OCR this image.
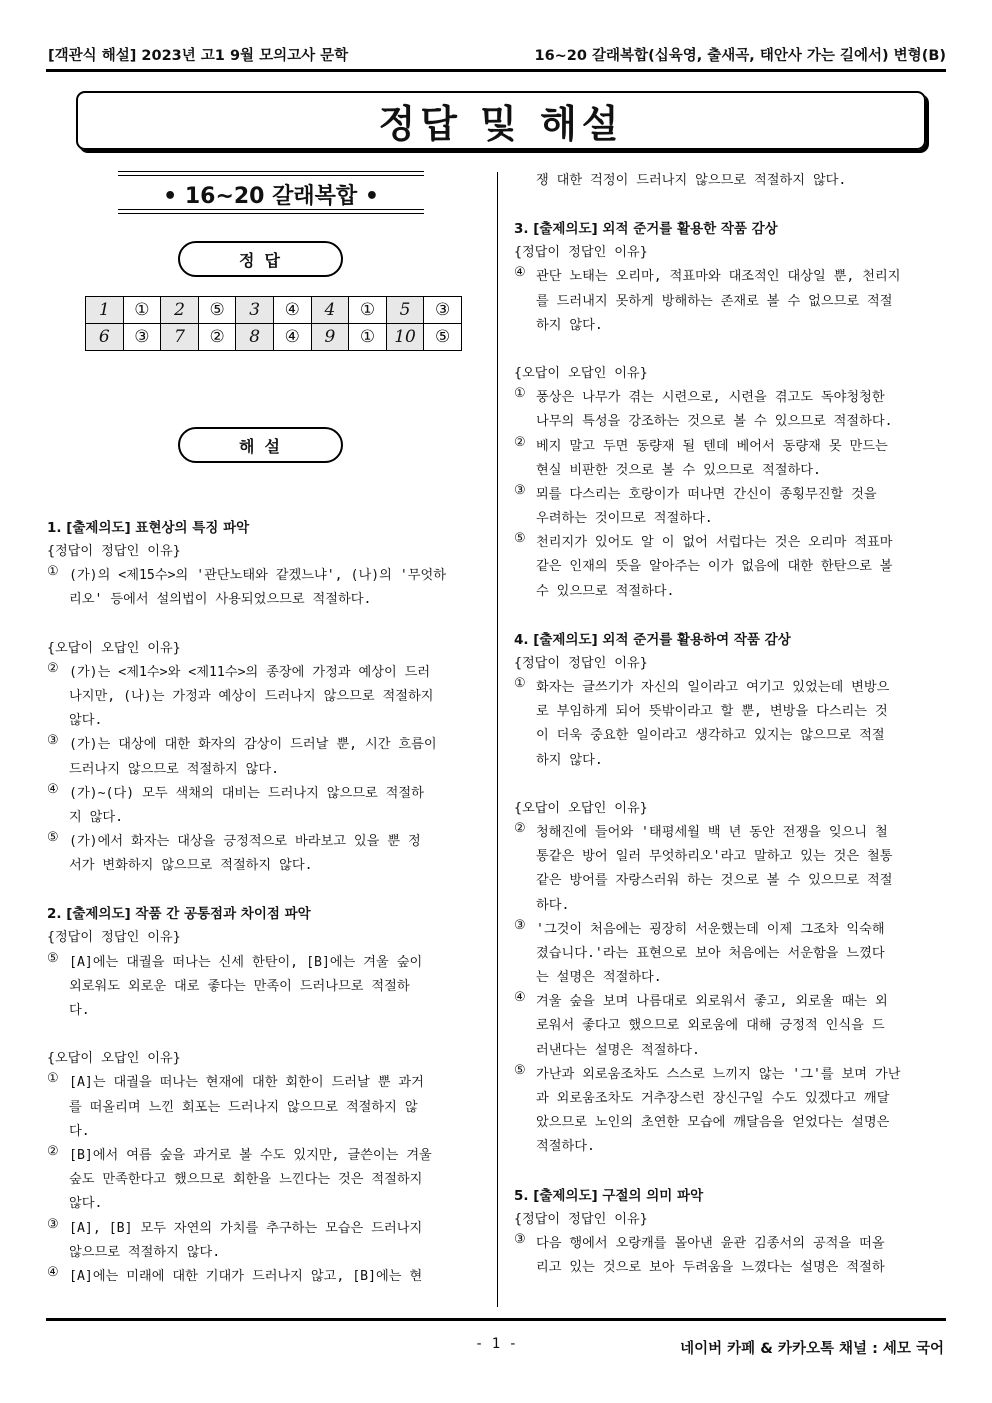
[객관식 해설] 2023년 고1 9월 모의고사 문학	16~20 갈래복합(십육영, 출새곡, 태안사 가는 길에서) 변형(B)
정답 및 해설
• 16~20 갈래복합 •
정답
1	①	2	⑤	3	④	4	①	5	③
6	③	7	②	8	④	9	①	10	⑤
해설
1. [출제의도] 표현상의 특징 파악
{정답이 정답인 이유}
① (가)의 <제15수>의 '관단노태와 같겠느냐', (나)의 '무엇하
리오' 등에서 설의법이 사용되었으므로 적절하다.
{오답이 오답인 이유}
② (가)는 <제1수>와 <제11수>의 종장에 가정과 예상이 드러
나지만, (나)는 가정과 예상이 드러나지 않으므로 적절하지
않다.
③ (가)는 대상에 대한 화자의 감상이 드러날 뿐, 시간 흐름이
드러나지 않으므로 적절하지 않다.
④ (가)~(다) 모두 색채의 대비는 드러나지 않으므로 적절하
지 않다.
⑤ (가)에서 화자는 대상을 긍정적으로 바라보고 있을 뿐 정
서가 변화하지 않으므로 적절하지 않다.
2. [출제의도] 작품 간 공통점과 차이점 파악
{정답이 정답인 이유}
⑤ [A]에는 대궐을 떠나는 신세 한탄이, [B]에는 겨울 숲이
외로워도 외로운 대로 좋다는 만족이 드러나므로 적절하
다.
{오답이 오답인 이유}
① [A]는 대궐을 떠나는 현재에 대한 회한이 드러날 뿐 과거
를 떠올리며 느낀 회포는 드러나지 않으므로 적절하지 않
다.
② [B]에서 여름 숲을 과거로 볼 수도 있지만, 글쓴이는 겨울
숲도 만족한다고 했으므로 회한을 느낀다는 것은 적절하지
않다.
③ [A], [B] 모두 자연의 가치를 추구하는 모습은 드러나지
않으므로 적절하지 않다.
④ [A]에는 미래에 대한 기대가 드러나지 않고, [B]에는 현
쟁 대한 걱정이 드러나지 않으므로 적절하지 않다.
3. [출제의도] 외적 준거를 활용한 작품 감상
{정답이 정답인 이유}
④ 관단 노태는 오리마, 적표마와 대조적인 대상일 뿐, 천리지
를 드러내지 못하게 방해하는 존재로 볼 수 없으므로 적절
하지 않다.
{오답이 오답인 이유}
① 풍상은 나무가 겪는 시련으로, 시련을 겪고도 독야청청한
나무의 특성을 강조하는 것으로 볼 수 있으므로 적절하다.
② 베지 말고 두면 동량재 될 텐데 베어서 동량재 못 만드는
현실 비판한 것으로 볼 수 있으므로 적절하다.
③ 뫼를 다스리는 호랑이가 떠나면 간신이 종횡무진할 것을
우려하는 것이므로 적절하다.
⑤ 천리지가 있어도 알 이 없어 서럽다는 것은 오리마 적표마
같은 인재의 뜻을 알아주는 이가 없음에 대한 한탄으로 볼
수 있으므로 적절하다.
4. [출제의도] 외적 준거를 활용하여 작품 감상
{정답이 정답인 이유}
① 화자는 글쓰기가 자신의 일이라고 여기고 있었는데 변방으
로 부임하게 되어 뜻밖이라고 할 뿐, 변방을 다스리는 것
이 더욱 중요한 일이라고 생각하고 있지는 않으므로 적절
하지 않다.
{오답이 오답인 이유}
② 청해진에 들어와 '태평세월 백 년 동안 전쟁을 잊으니 철
통같은 방어 일러 무엇하리오'라고 말하고 있는 것은 철통
같은 방어를 자랑스러워 하는 것으로 볼 수 있으므로 적절
하다.
③ '그것이 처음에는 굉장히 서운했는데 이제 그조차 익숙해
졌습니다.'라는 표현으로 보아 처음에는 서운함을 느꼈다
는 설명은 적절하다.
④ 겨울 숲을 보며 나름대로 외로워서 좋고, 외로울 때는 외
로워서 좋다고 했으므로 외로움에 대해 긍정적 인식을 드
러낸다는 설명은 적절하다.
⑤ 가난과 외로움조차도 스스로 느끼지 않는 '그'를 보며 가난
과 외로움조차도 거추장스런 장신구일 수도 있겠다고 깨달
았으므로 노인의 초연한 모습에 깨달음을 얻었다는 설명은
적절하다.
5. [출제의도] 구절의 의미 파악
{정답이 정답인 이유}
③ 다음 행에서 오랑캐를 몰아낸 윤관 김종서의 공적을 떠올
리고 있는 것으로 보아 두려움을 느꼈다는 설명은 적절하
- 1 -	네이버 카페 & 카카오톡 채널 : 세모 국어
